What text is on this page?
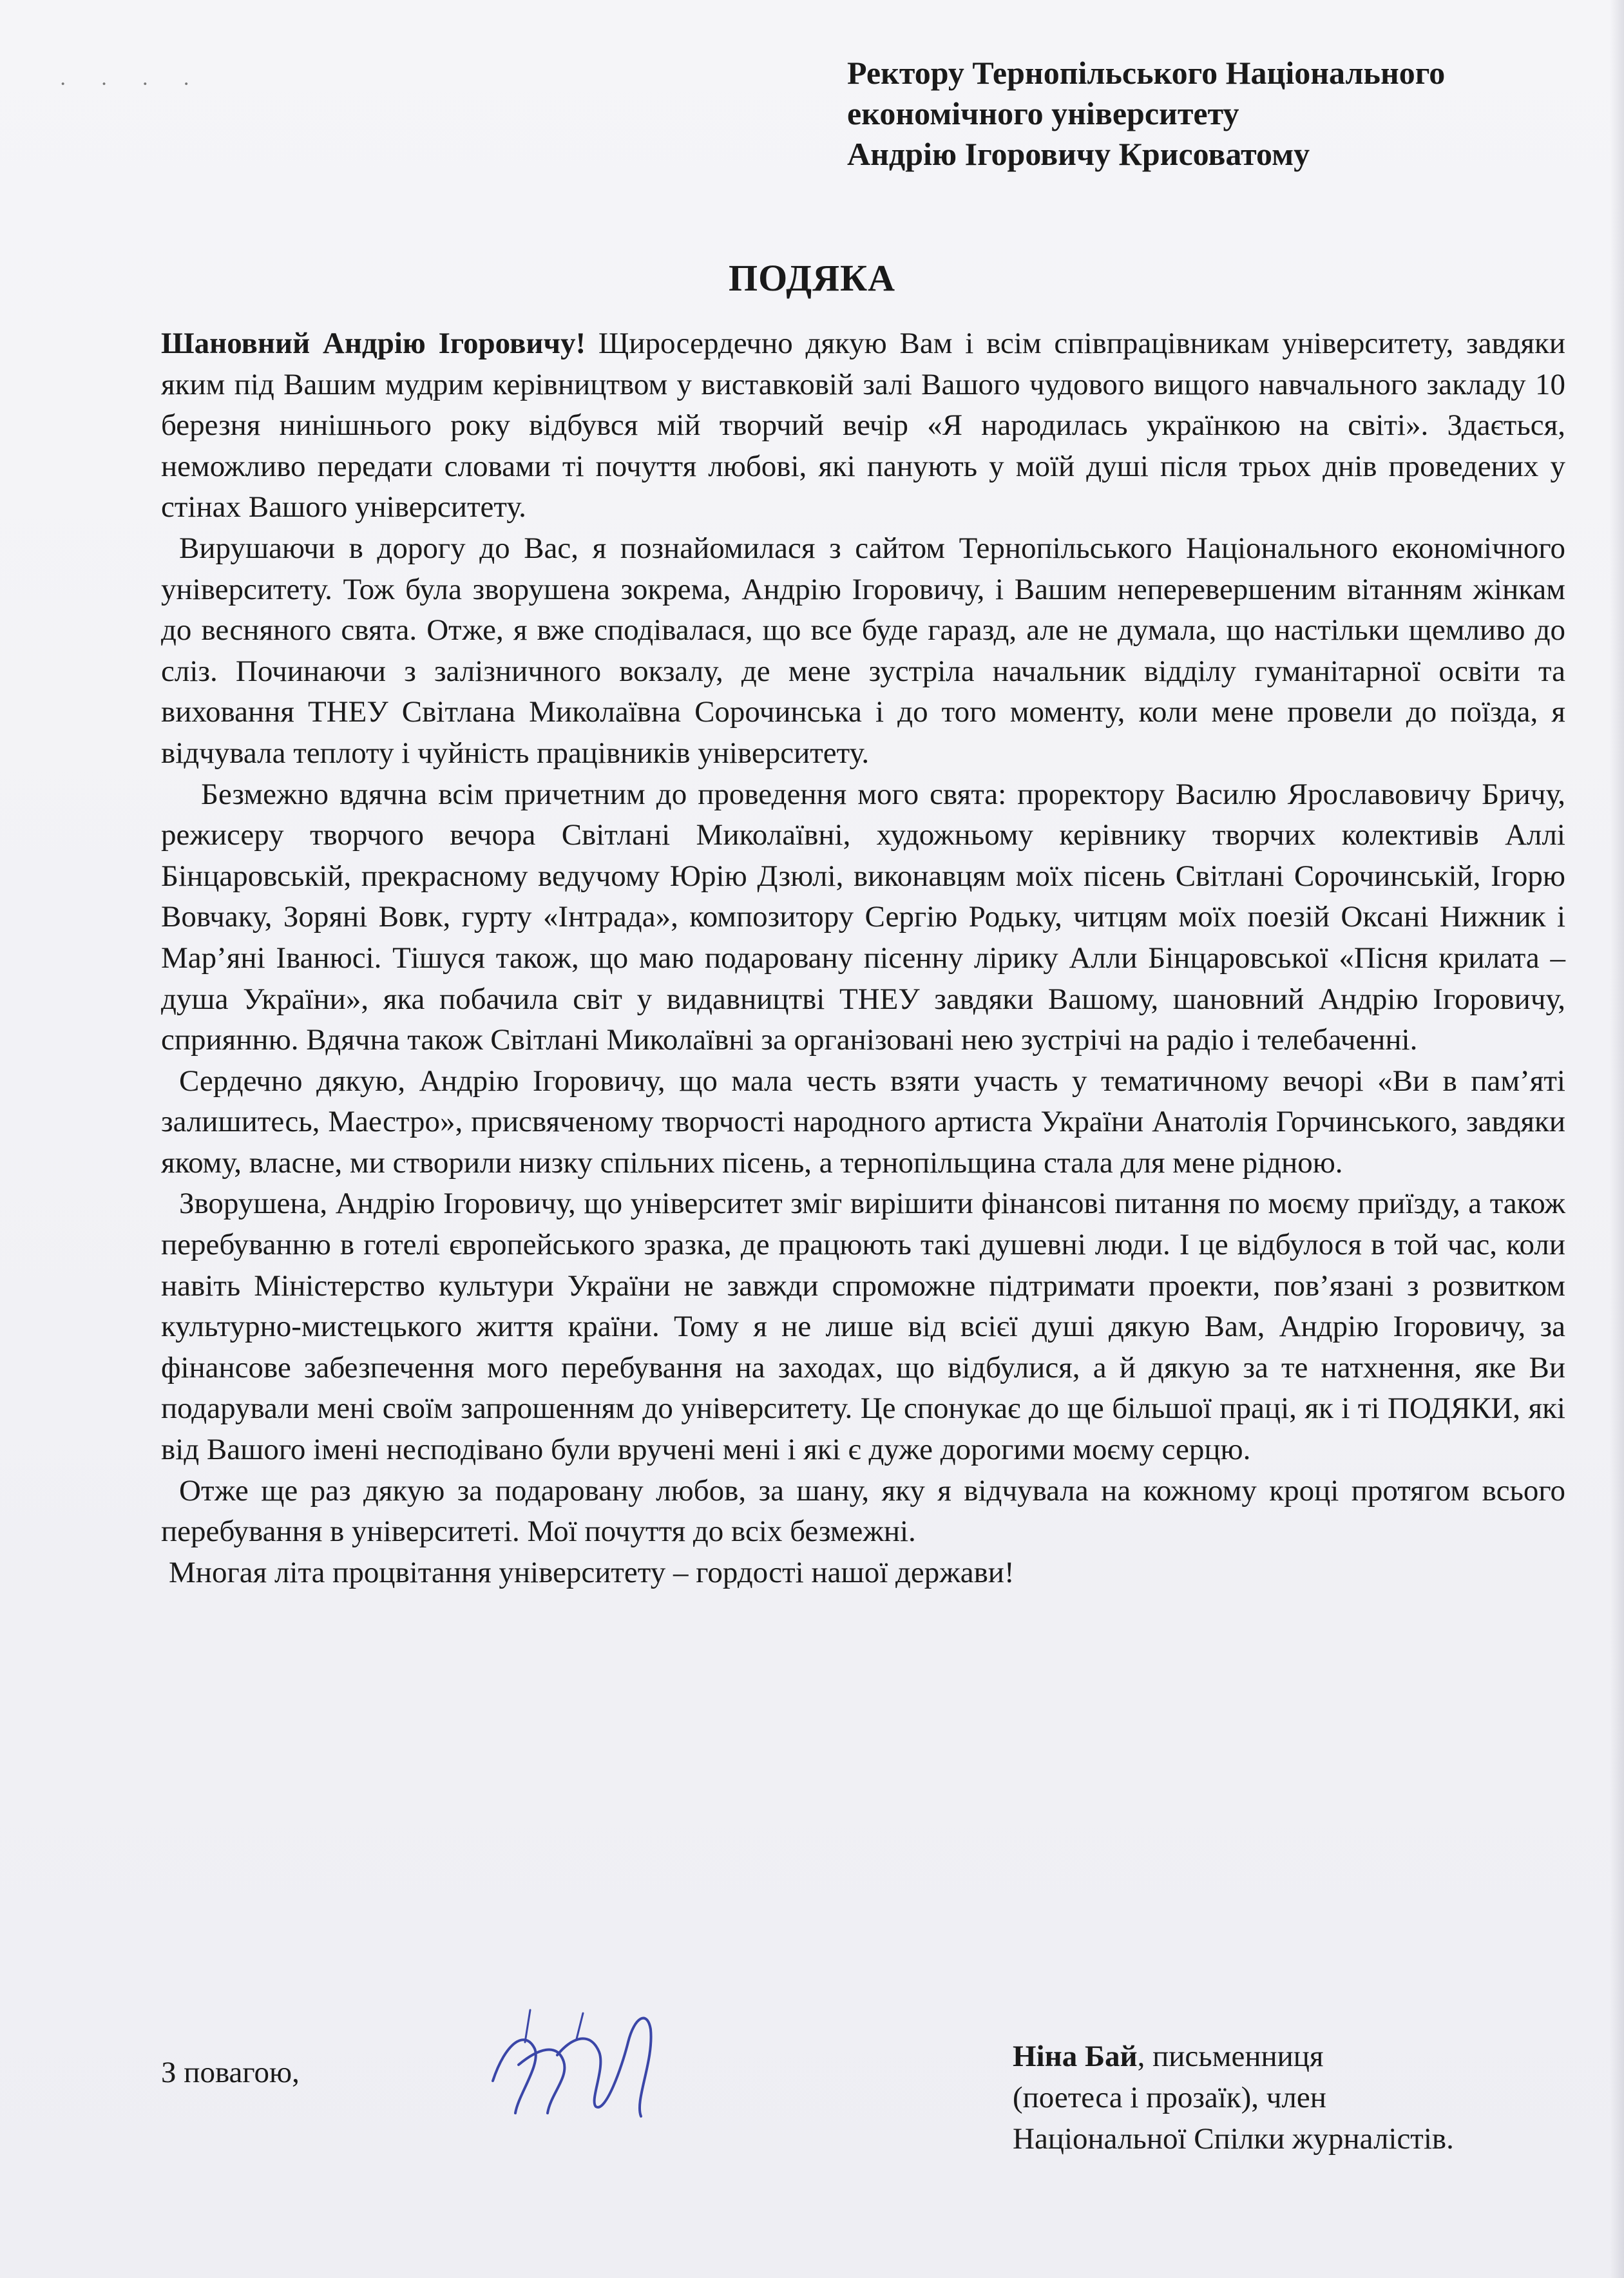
· · · ·	Ректору Тернопільського Національного
економічного університету
Андрію Ігоровичу Крисоватому
ПОДЯКА

Шановний Андрію Ігоровичу! Щиросердечно дякую Вам і всім співпрацівникам університету, завдяки яким під Вашим мудрим керівництвом у виставковій залі Вашого чудового вищого навчального закладу 10 березня нинішнього року відбувся мій творчий вечір «Я народилась українкою на світі». Здається, неможливо передати словами ті почуття любові, які панують у моїй душі після трьох днів проведених у стінах Вашого університету.

Вирушаючи в дорогу до Вас, я познайомилася з сайтом Тернопільського Національного економічного університету. Тож була зворушена зокрема, Андрію Ігоровичу, і Вашим неперевершеним вітанням жінкам до весняного свята. Отже, я вже сподівалася, що все буде гаразд, але не думала, що настільки щемливо до сліз. Починаючи з залізничного вокзалу, де мене зустріла начальник відділу гуманітарної освіти та виховання ТНЕУ Світлана Миколаївна Сорочинська і до того моменту, коли мене провели до поїзда, я відчувала теплоту і чуйність працівників університету.

Безмежно вдячна всім причетним до проведення мого свята: проректору Василю Ярославовичу Бричу, режисеру творчого вечора Світлані Миколаївні, художньому керівнику творчих колективів Аллі Бінцаровській, прекрасному ведучому Юрію Дзюлі, виконавцям моїх пісень Світлані Сорочинській, Ігорю Вовчаку, Зоряні Вовк, гурту «Інтрада», композитору Сергію Родьку, читцям моїх поезій Оксані Нижник і Мар’яні Іванюсі. Тішуся також, що маю подаровану пісенну лірику Алли Бінцаровської «Пісня крилата – душа України», яка побачила світ у видавництві ТНЕУ завдяки Вашому, шановний Андрію Ігоровичу, сприянню. Вдячна також Світлані Миколаївні за організовані нею зустрічі на радіо і телебаченні.

Сердечно дякую, Андрію Ігоровичу, що мала честь взяти участь у тематичному вечорі «Ви в пам’яті залишитесь, Маестро», присвяченому творчості народного артиста України Анатолія Горчинського, завдяки якому, власне, ми створили низку спільних пісень, а тернопільщина стала для мене рідною.

Зворушена, Андрію Ігоровичу, що університет зміг вирішити фінансові питання по моєму приїзду, а також перебуванню в готелі європейського зразка, де працюють такі душевні люди. І це відбулося в той час, коли навіть Міністерство культури України не завжди спроможне підтримати проекти, пов’язані з розвитком культурно-мистецького життя країни. Тому я не лише від всієї душі дякую Вам, Андрію Ігоровичу, за фінансове забезпечення мого перебування на заходах, що відбулися, а й дякую за те натхнення, яке Ви подарували мені своїм запрошенням до університету. Це спонукає до ще більшої праці, як і ті ПОДЯКИ, які від Вашого імені несподівано були вручені мені і які є дуже дорогими моєму серцю.

Отже ще раз дякую за подаровану любов, за шану, яку я відчувала на кожному кроці протягом всього перебування в університеті. Мої почуття до всіх безмежні.

Многая літа процвітання університету – гордості нашої держави!

З повагою,	Ніна Бай, письменниця
(поетеса і прозаїк), член
Національної Спілки журналістів.
